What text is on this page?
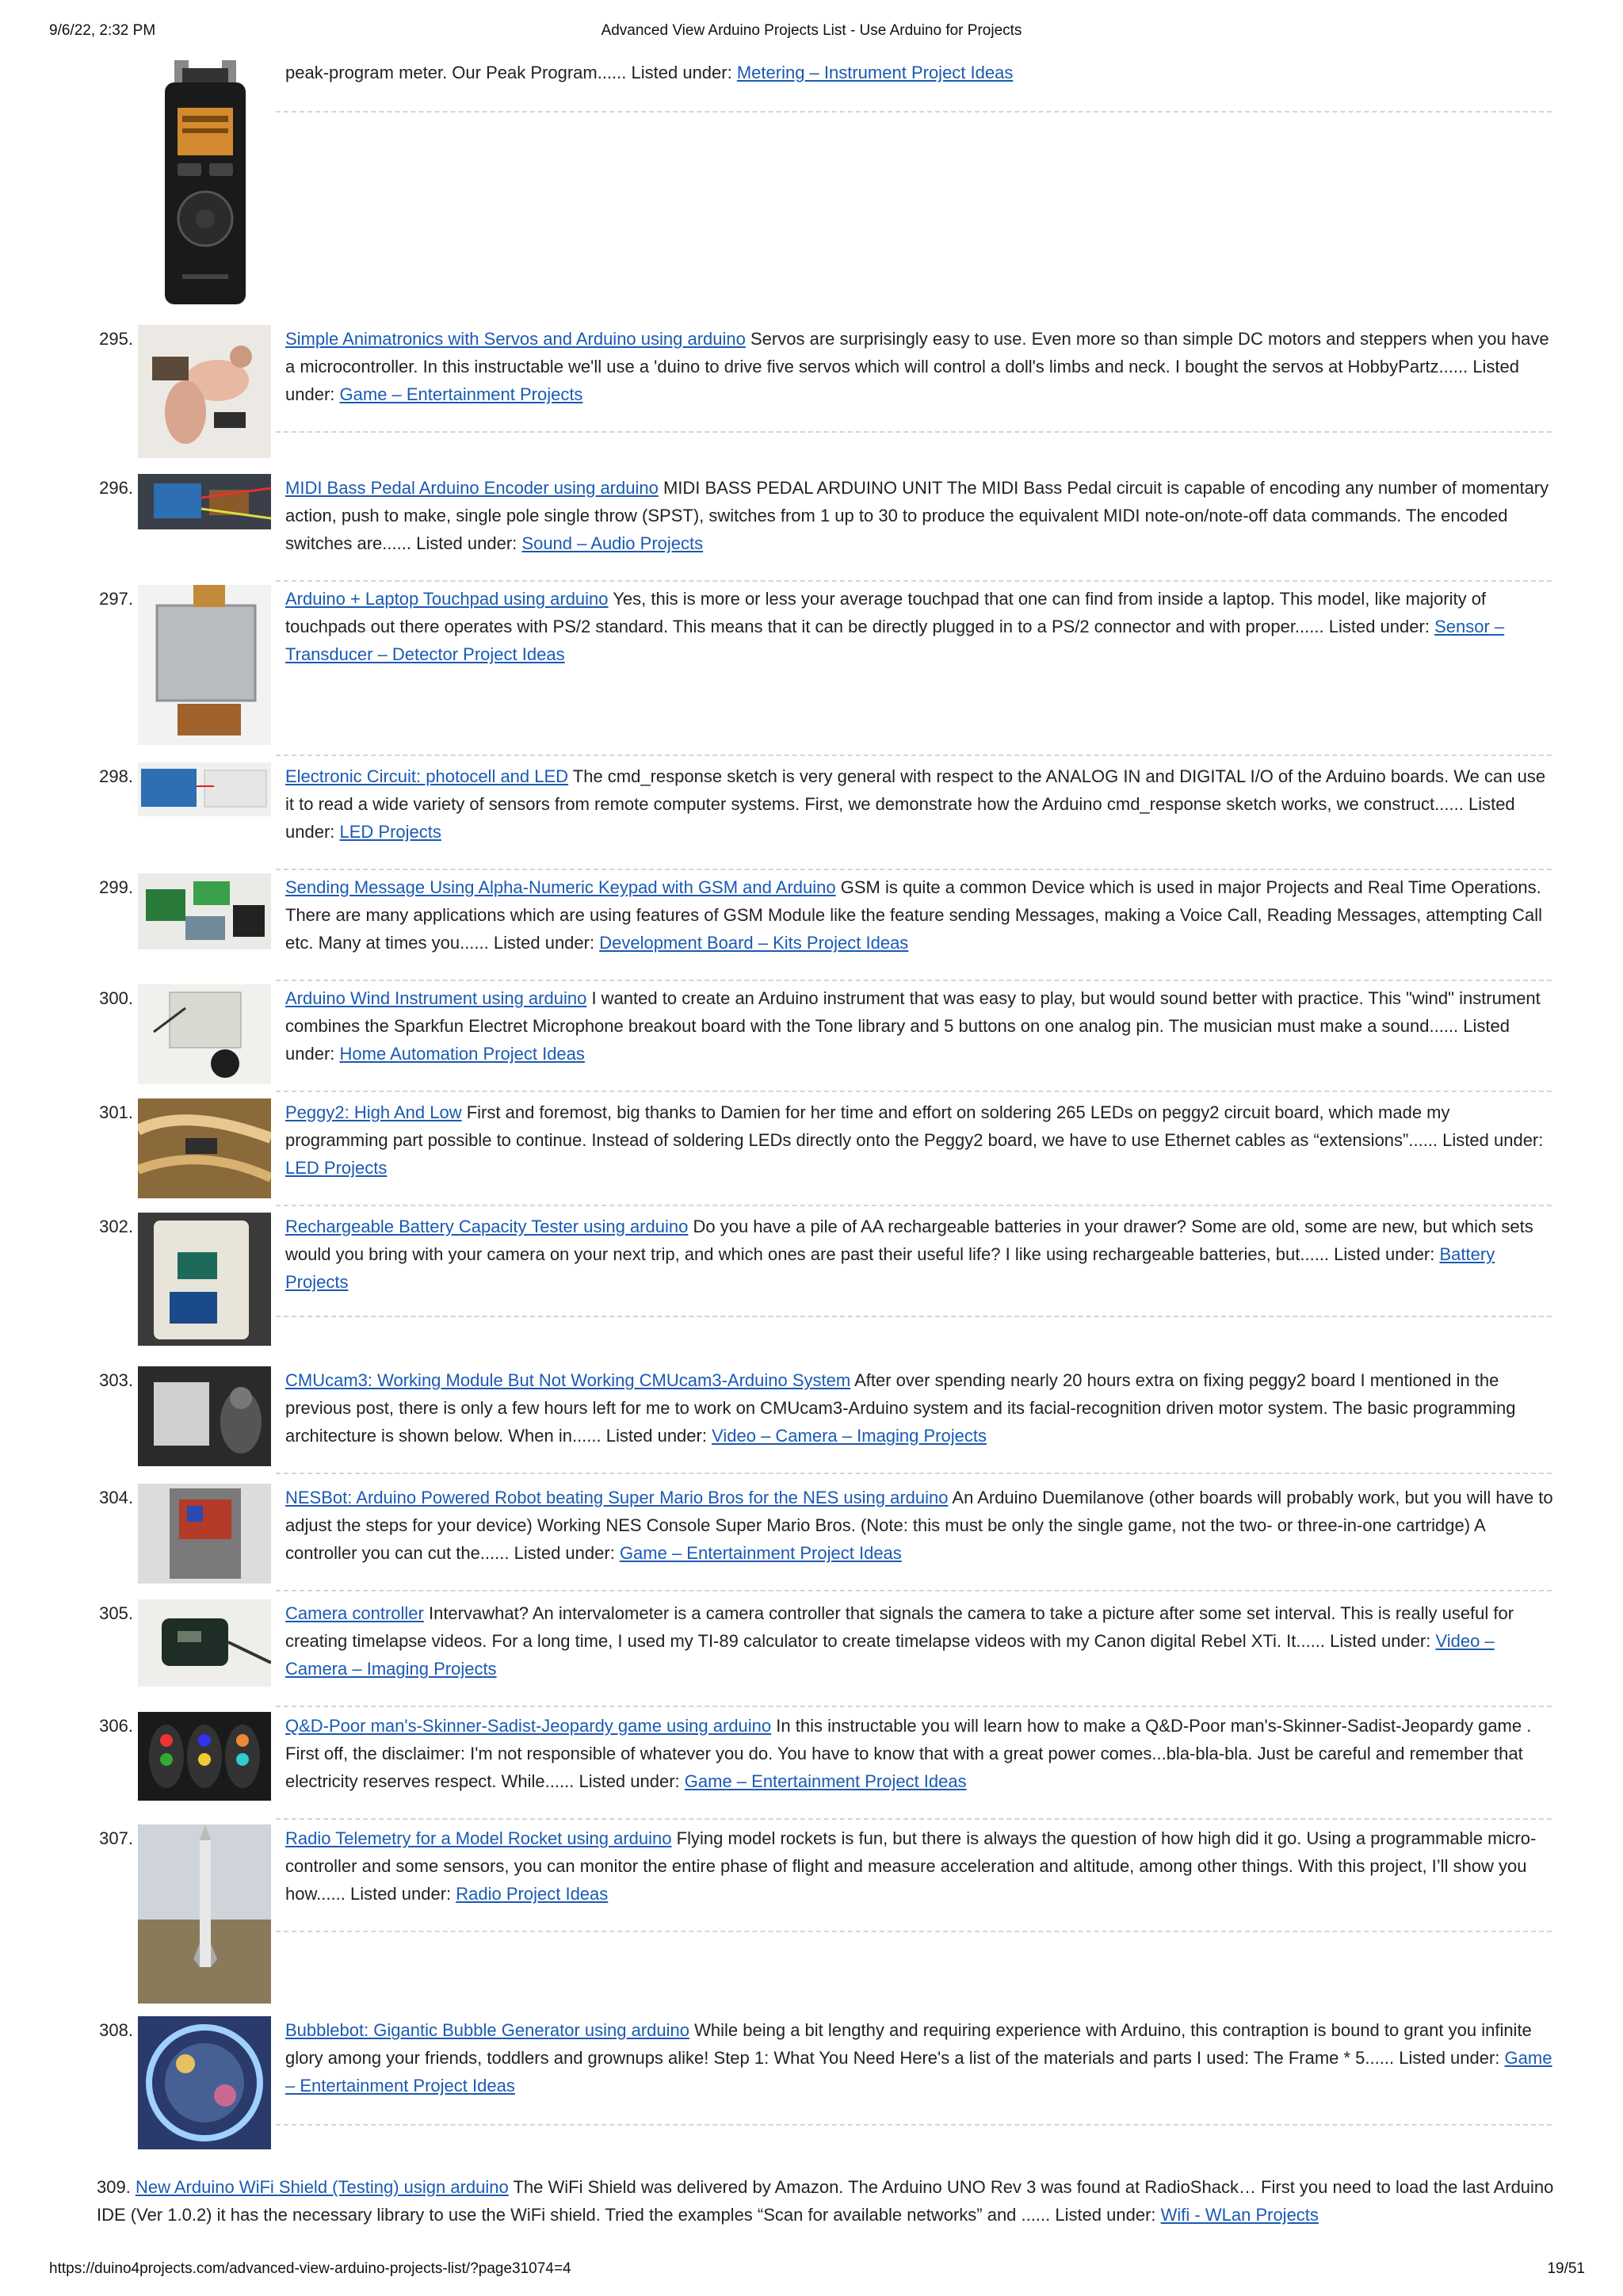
9/6/22, 2:32 PM	Advanced View Arduino Projects List - Use Arduino for Projects
peak-program meter. Our Peak Program...... Listed under: Metering – Instrument Project Ideas
295.	Simple Animatronics with Servos and Arduino using arduino Servos are surprisingly easy to use. Even more so than simple DC motors and steppers when you have a microcontroller. In this instructable we'll use a 'duino to drive five servos which will control a doll's limbs and neck. I bought the servos at HobbyPartz...... Listed under: Game – Entertainment Projects
296.	MIDI Bass Pedal Arduino Encoder using arduino MIDI BASS PEDAL ARDUINO UNIT The MIDI Bass Pedal circuit is capable of encoding any number of momentary action, push to make, single pole single throw (SPST), switches from 1 up to 30 to produce the equivalent MIDI note-on/note-off data commands. The encoded switches are...... Listed under: Sound – Audio Projects
297.	Arduino + Laptop Touchpad using arduino Yes, this is more or less your average touchpad that one can find from inside a laptop. This model, like majority of touchpads out there operates with PS/2 standard. This means that it can be directly plugged in to a PS/2 connector and with proper...... Listed under: Sensor – Transducer – Detector Project Ideas
298.	Electronic Circuit: photocell and LED The cmd_response sketch is very general with respect to the ANALOG IN and DIGITAL I/O of the Arduino boards. We can use it to read a wide variety of sensors from remote computer systems. First, we demonstrate how the Arduino cmd_response sketch works, we construct...... Listed under: LED Projects
299.	Sending Message Using Alpha-Numeric Keypad with GSM and Arduino GSM is quite a common Device which is used in major Projects and Real Time Operations. There are many applications which are using features of GSM Module like the feature sending Messages, making a Voice Call, Reading Messages, attempting Call etc. Many at times you...... Listed under: Development Board – Kits Project Ideas
300.	Arduino Wind Instrument using arduino I wanted to create an Arduino instrument that was easy to play, but would sound better with practice. This "wind" instrument combines the Sparkfun Electret Microphone breakout board with the Tone library and 5 buttons on one analog pin. The musician must make a sound...... Listed under: Home Automation Project Ideas
301.	Peggy2: High And Low First and foremost, big thanks to Damien for her time and effort on soldering 265 LEDs on peggy2 circuit board, which made my programming part possible to continue. Instead of soldering LEDs directly onto the Peggy2 board, we have to use Ethernet cables as “extensions”...... Listed under: LED Projects
302.	Rechargeable Battery Capacity Tester using arduino Do you have a pile of AA rechargeable batteries in your drawer? Some are old, some are new, but which sets would you bring with your camera on your next trip, and which ones are past their useful life? I like using rechargeable batteries, but...... Listed under: Battery Projects
303.	CMUcam3: Working Module But Not Working CMUcam3-Arduino System After over spending nearly 20 hours extra on fixing peggy2 board I mentioned in the previous post, there is only a few hours left for me to work on CMUcam3-Arduino system and its facial-recognition driven motor system. The basic programming architecture is shown below. When in...... Listed under: Video – Camera – Imaging Projects
304.	NESBot: Arduino Powered Robot beating Super Mario Bros for the NES using arduino An Arduino Duemilanove (other boards will probably work, but you will have to adjust the steps for your device) Working NES Console Super Mario Bros. (Note: this must be only the single game, not the two- or three-in-one cartridge) A controller you can cut the...... Listed under: Game – Entertainment Project Ideas
305.	Camera controller Intervawhat? An intervalometer is a camera controller that signals the camera to take a picture after some set interval. This is really useful for creating timelapse videos. For a long time, I used my TI-89 calculator to create timelapse videos with my Canon digital Rebel XTi. It...... Listed under: Video – Camera – Imaging Projects
306.	Q&D-Poor man's-Skinner-Sadist-Jeopardy game using arduino In this instructable you will learn how to make a Q&D-Poor man's-Skinner-Sadist-Jeopardy game . First off, the disclaimer: I'm not responsible of whatever you do. You have to know that with a great power comes...bla-bla-bla. Just be careful and remember that electricity reserves respect. While...... Listed under: Game – Entertainment Project Ideas
307.	Radio Telemetry for a Model Rocket using arduino Flying model rockets is fun, but there is always the question of how high did it go. Using a programmable micro-controller and some sensors, you can monitor the entire phase of flight and measure acceleration and altitude, among other things. With this project, I’ll show you how...... Listed under: Radio Project Ideas
308.	Bubblebot: Gigantic Bubble Generator using arduino While being a bit lengthy and requiring experience with Arduino, this contraption is bound to grant you infinite glory among your friends, toddlers and grownups alike! Step 1: What You Need Here's a list of the materials and parts I used: The Frame * 5...... Listed under: Game – Entertainment Project Ideas
309. New Arduino WiFi Shield (Testing) usign arduino The WiFi Shield was delivered by Amazon. The Arduino UNO Rev 3 was found at RadioShack… First you need to load the last Arduino IDE (Ver 1.0.2) it has the necessary library to use the WiFi shield. Tried the examples “Scan for available networks” and ...... Listed under: Wifi - WLan Projects
https://duino4projects.com/advanced-view-arduino-projects-list/?page31074=4	19/51
